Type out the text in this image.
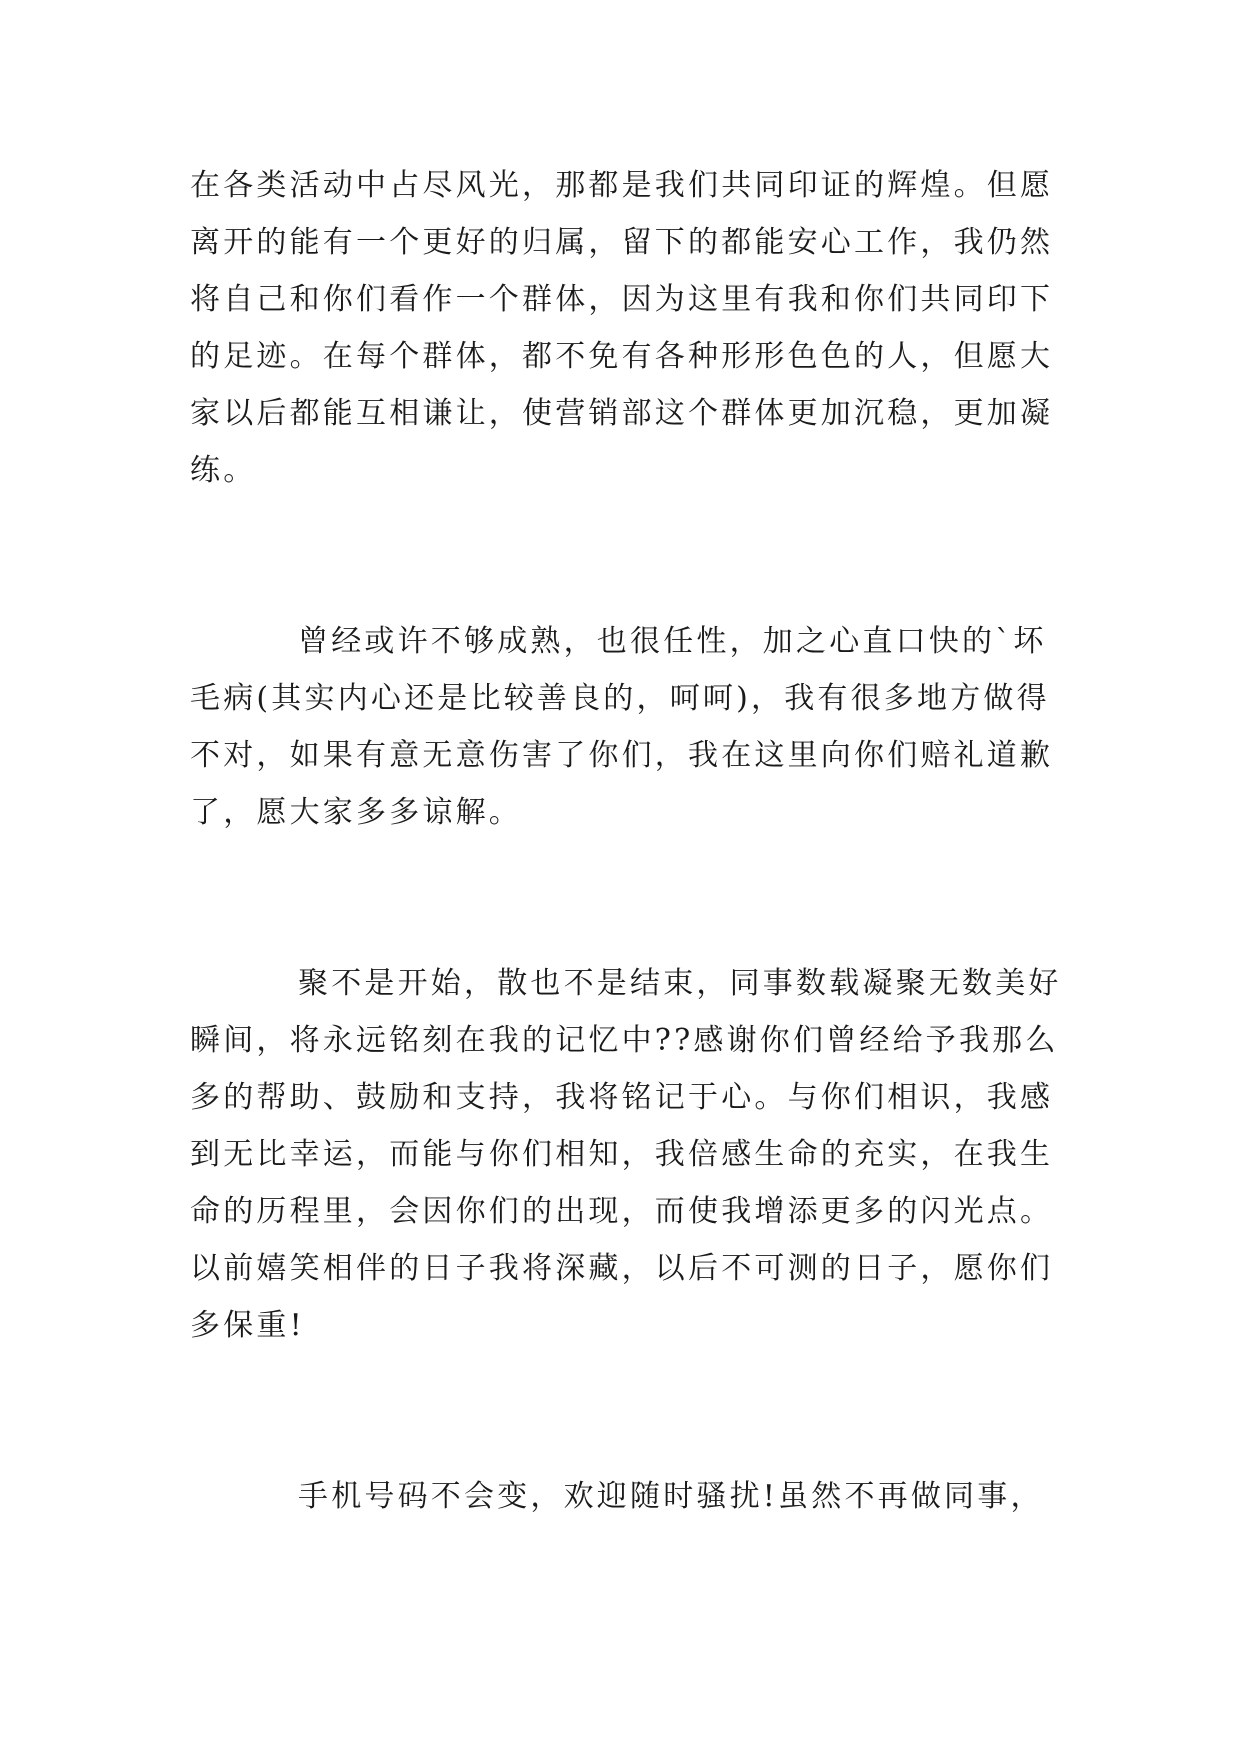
在各类活动中占尽风光，那都是我们共同印证的辉煌。但愿
离开的能有一个更好的归属，留下的都能安心工作，我仍然
将自己和你们看作一个群体，因为这里有我和你们共同印下
的足迹。在每个群体，都不免有各种形形色色的人，但愿大
家以后都能互相谦让，使营销部这个群体更加沉稳，更加凝
练。
曾经或许不够成熟，也很任性，加之心直口快的`坏
毛病(其实内心还是比较善良的，呵呵)，我有很多地方做得
不对，如果有意无意伤害了你们，我在这里向你们赔礼道歉
了，愿大家多多谅解。
聚不是开始，散也不是结束，同事数载凝聚无数美好
瞬间，将永远铭刻在我的记忆中??感谢你们曾经给予我那么
多的帮助、鼓励和支持，我将铭记于心。与你们相识，我感
到无比幸运，而能与你们相知，我倍感生命的充实，在我生
命的历程里，会因你们的出现，而使我增添更多的闪光点。
以前嬉笑相伴的日子我将深藏，以后不可测的日子，愿你们
多保重!
手机号码不会变，欢迎随时骚扰!虽然不再做同事，
